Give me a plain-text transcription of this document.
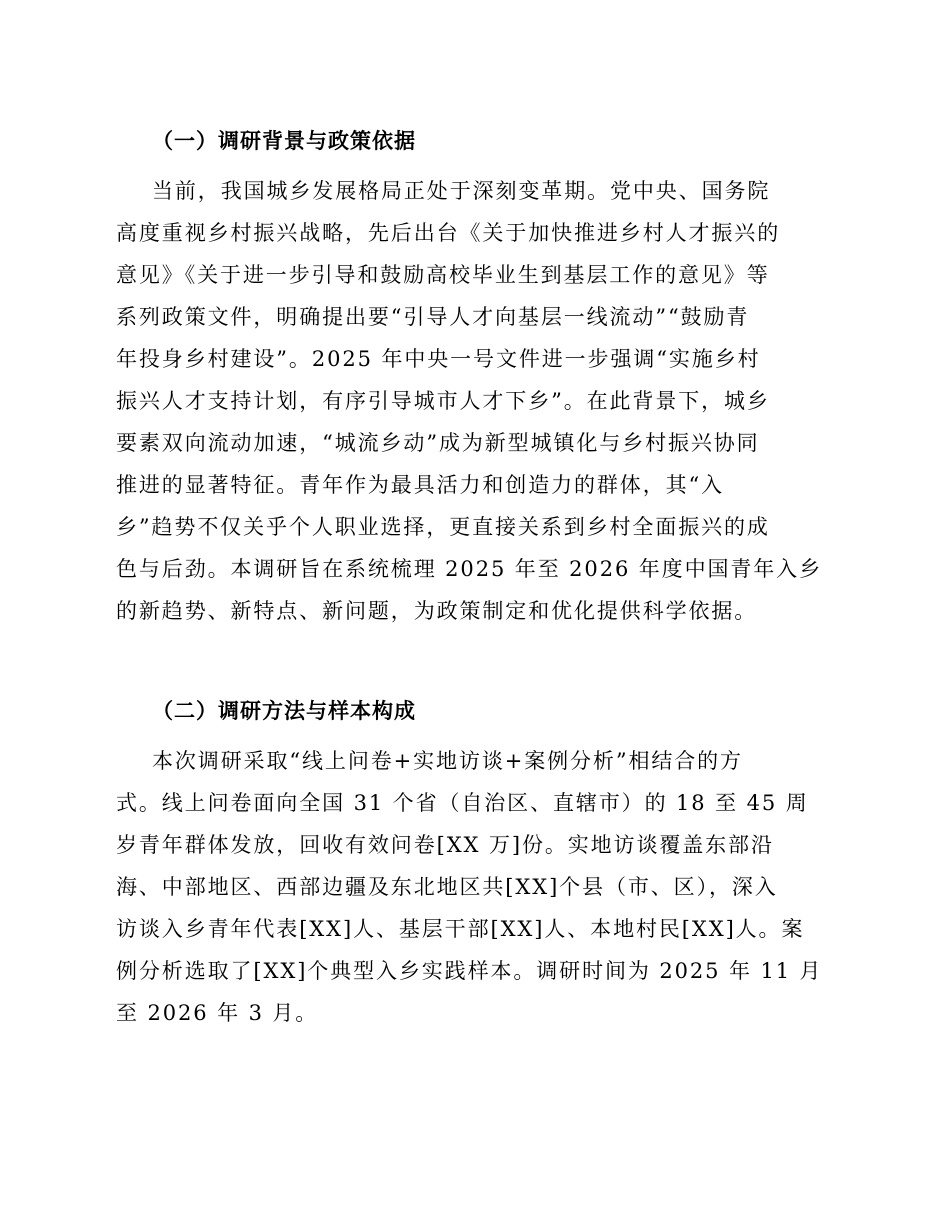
（一）调研背景与政策依据
当前，我国城乡发展格局正处于深刻变革期。党中央、国务院
高度重视乡村振兴战略，先后出台《关于加快推进乡村人才振兴的
意见》《关于进一步引导和鼓励高校毕业生到基层工作的意见》等
系列政策文件，明确提出要“引导人才向基层一线流动”“鼓励青
年投身乡村建设”。2025 年中央一号文件进一步强调“实施乡村
振兴人才支持计划，有序引导城市人才下乡”。在此背景下，城乡
要素双向流动加速，“城流乡动”成为新型城镇化与乡村振兴协同
推进的显著特征。青年作为最具活力和创造力的群体，其“入
乡”趋势不仅关乎个人职业选择，更直接关系到乡村全面振兴的成
色与后劲。本调研旨在系统梳理 2025 年至 2026 年度中国青年入乡
的新趋势、新特点、新问题，为政策制定和优化提供科学依据。
（二）调研方法与样本构成
本次调研采取“线上问卷+实地访谈+案例分析”相结合的方
式。线上问卷面向全国 31 个省（自治区、直辖市）的 18 至 45 周
岁青年群体发放，回收有效问卷[XX 万]份。实地访谈覆盖东部沿
海、中部地区、西部边疆及东北地区共[XX]个县（市、区），深入
访谈入乡青年代表[XX]人、基层干部[XX]人、本地村民[XX]人。案
例分析选取了[XX]个典型入乡实践样本。调研时间为 2025 年 11 月
至 2026 年 3 月。
